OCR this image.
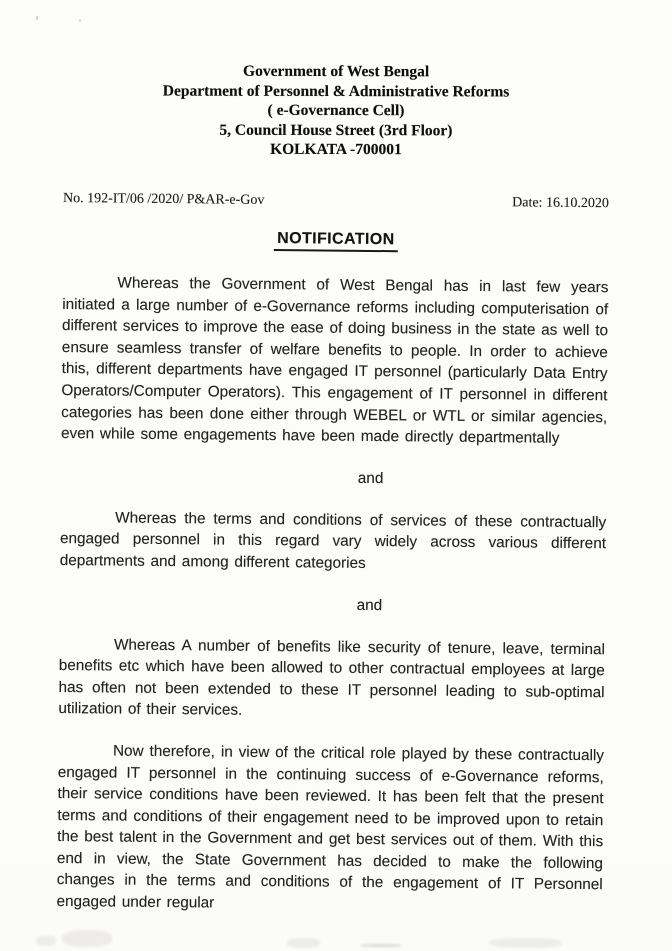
Government of West Bengal
Department of Personnel & Administrative Reforms
( e-Governance Cell)
5, Council House Street (3rd Floor)
KOLKATA -700001
No. 192-IT/06 /2020/ P&AR-e-Gov	Date: 16.10.2020
NOTIFICATION

Whereas the Government of West Bengal has in last few years initiated a large number of e-Governance reforms including computerisation of different services to improve the ease of doing business in the state as well to ensure seamless transfer of welfare benefits to people. In order to achieve this, different departments have engaged IT personnel (particularly Data Entry Operators/Computer Operators). This engagement of IT personnel in different categories has been done either through WEBEL or WTL or similar agencies, even while some engagements have been made directly departmentally

and

Whereas the terms and conditions of services of these contractually engaged personnel in this regard vary widely across various different departments and among different categories

and

Whereas A number of benefits like security of tenure, leave, terminal benefits etc which have been allowed to other contractual employees at large has often not been extended to these IT personnel leading to sub-optimal utilization of their services.

Now therefore, in view of the critical role played by these contractually engaged IT personnel in the continuing success of e-Governance reforms, their service conditions have been reviewed. It has been felt that the present terms and conditions of their engagement need to be improved upon to retain the best talent in the Government and get best services out of them. With this end in view, the State Government has decided to make the following changes in the terms and conditions of the engagement of IT Personnel engaged under regular
